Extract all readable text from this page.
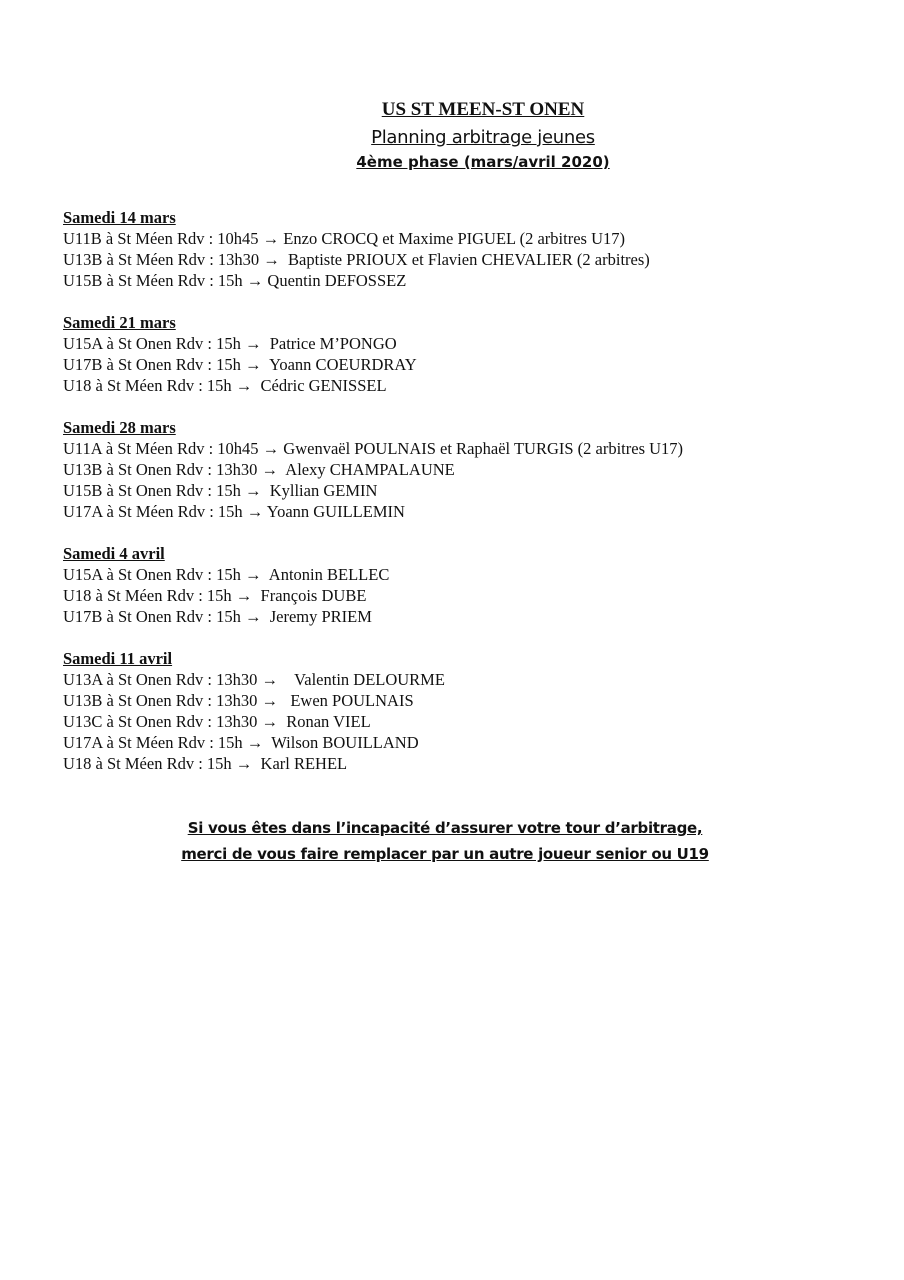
US ST MEEN-ST ONEN

Planning arbitrage jeunes

4ème phase (mars/avril 2020)

Samedi 14 mars

U11B à St Méen Rdv : 10h45 → Enzo CROCQ et Maxime PIGUEL (2 arbitres U17)

U13B à St Méen Rdv : 13h30 →  Baptiste PRIOUX et Flavien CHEVALIER (2 arbitres)

U15B à St Méen Rdv : 15h → Quentin DEFOSSEZ

Samedi 21 mars

U15A à St Onen Rdv : 15h →  Patrice M’PONGO

U17B à St Onen Rdv : 15h →  Yoann COEURDRAY

U18 à St Méen Rdv : 15h →  Cédric GENISSEL

Samedi 28 mars

U11A à St Méen Rdv : 10h45 → Gwenvaël POULNAIS et Raphaël TURGIS (2 arbitres U17)

U13B à St Onen Rdv : 13h30 →  Alexy CHAMPALAUNE

U15B à St Onen Rdv : 15h →  Kyllian GEMIN

U17A à St Méen Rdv : 15h → Yoann GUILLEMIN

Samedi 4 avril

U15A à St Onen Rdv : 15h →  Antonin BELLEC

U18 à St Méen Rdv : 15h →  François DUBE

U17B à St Onen Rdv : 15h →  Jeremy PRIEM

Samedi 11 avril

U13A à St Onen Rdv : 13h30 →    Valentin DELOURME

U13B à St Onen Rdv : 13h30 →   Ewen POULNAIS

U13C à St Onen Rdv : 13h30 →  Ronan VIEL

U17A à St Méen Rdv : 15h →  Wilson BOUILLAND

U18 à St Méen Rdv : 15h →  Karl REHEL

Si vous êtes dans l’incapacité d’assurer votre tour d’arbitrage,

merci de vous faire remplacer par un autre joueur senior ou U19
